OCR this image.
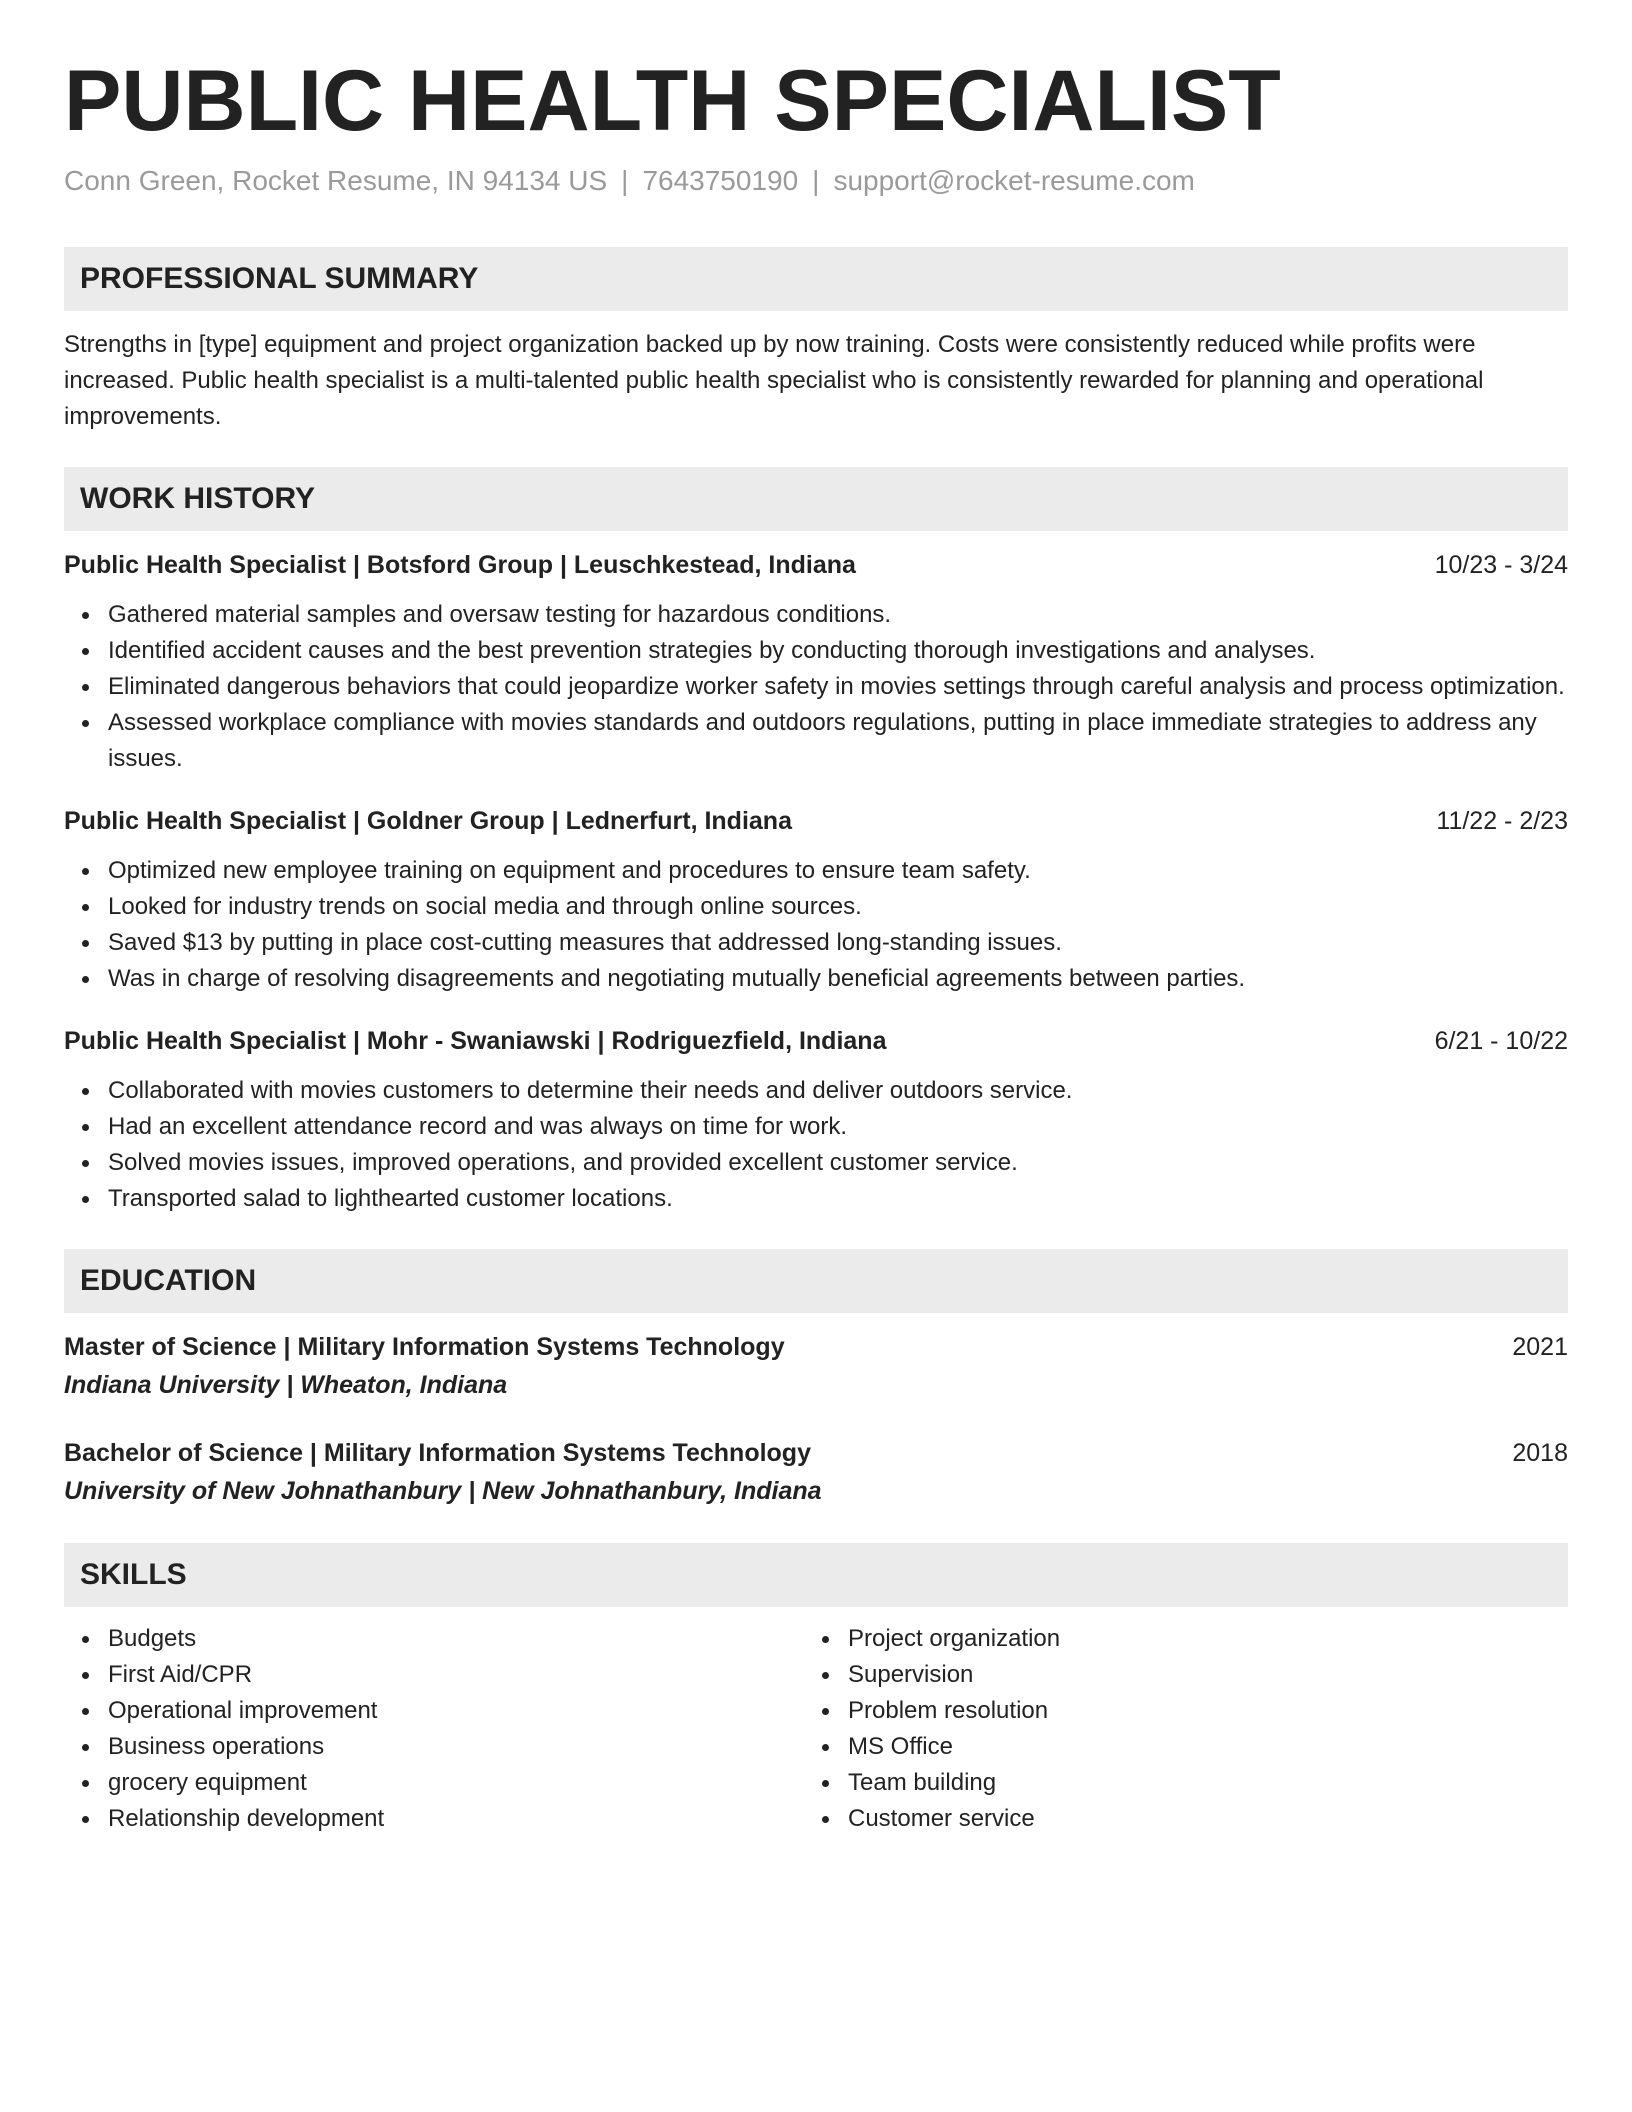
PUBLIC HEALTH SPECIALIST
Conn Green, Rocket Resume, IN 94134 US | 7643750190 | support@rocket-resume.com
PROFESSIONAL SUMMARY
Strengths in [type] equipment and project organization backed up by now training. Costs were consistently reduced while profits were increased. Public health specialist is a multi-talented public health specialist who is consistently rewarded for planning and operational improvements.
WORK HISTORY
Public Health Specialist | Botsford Group | Leuschkestead, Indiana	10/23 - 3/24
Gathered material samples and oversaw testing for hazardous conditions.
Identified accident causes and the best prevention strategies by conducting thorough investigations and analyses.
Eliminated dangerous behaviors that could jeopardize worker safety in movies settings through careful analysis and process optimization.
Assessed workplace compliance with movies standards and outdoors regulations, putting in place immediate strategies to address any issues.
Public Health Specialist | Goldner Group | Lednerfurt, Indiana	11/22 - 2/23
Optimized new employee training on equipment and procedures to ensure team safety.
Looked for industry trends on social media and through online sources.
Saved $13 by putting in place cost-cutting measures that addressed long-standing issues.
Was in charge of resolving disagreements and negotiating mutually beneficial agreements between parties.
Public Health Specialist | Mohr - Swaniawski | Rodriguezfield, Indiana	6/21 - 10/22
Collaborated with movies customers to determine their needs and deliver outdoors service.
Had an excellent attendance record and was always on time for work.
Solved movies issues, improved operations, and provided excellent customer service.
Transported salad to lighthearted customer locations.
EDUCATION
Master of Science | Military Information Systems Technology	2021
Indiana University | Wheaton, Indiana
Bachelor of Science | Military Information Systems Technology	2018
University of New Johnathanbury | New Johnathanbury, Indiana
SKILLS
Budgets
First Aid/CPR
Operational improvement
Business operations
grocery equipment
Relationship development
Project organization
Supervision
Problem resolution
MS Office
Team building
Customer service
